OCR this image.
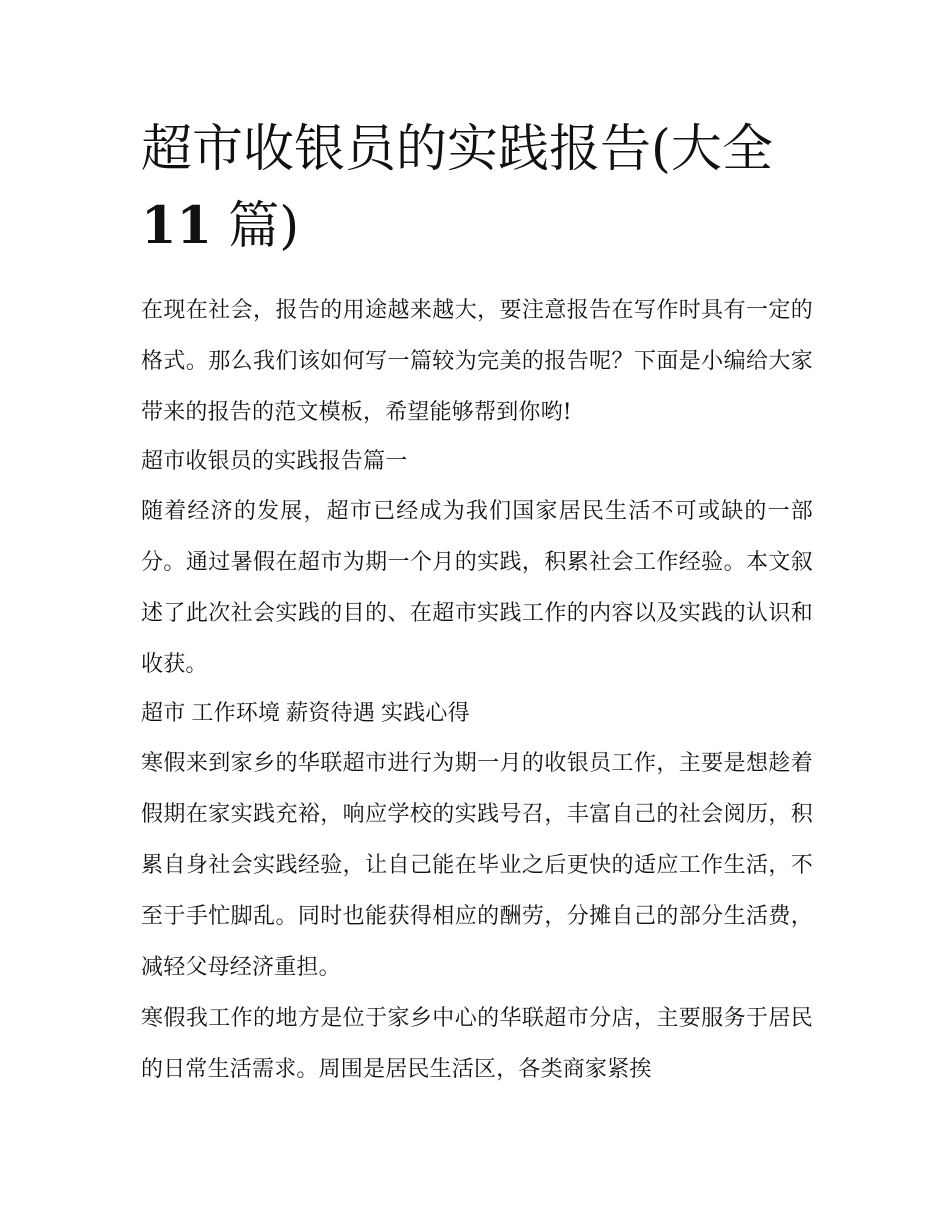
超市收银员的实践报告(大全
11 篇)

在现在社会，报告的用途越来越大，要注意报告在写作时具有一定的格式。那么我们该如何写一篇较为完美的报告呢？下面是小编给大家带来的报告的范文模板，希望能够帮到你哟!

超市收银员的实践报告篇一

随着经济的发展，超市已经成为我们国家居民生活不可或缺的一部分。通过暑假在超市为期一个月的实践，积累社会工作经验。本文叙述了此次社会实践的目的、在超市实践工作的内容以及实践的认识和收获。

超市 工作环境 薪资待遇 实践心得

寒假来到家乡的华联超市进行为期一月的收银员工作，主要是想趁着假期在家实践充裕，响应学校的实践号召，丰富自己的社会阅历，积累自身社会实践经验，让自己能在毕业之后更快的适应工作生活，不至于手忙脚乱。同时也能获得相应的酬劳，分摊自己的部分生活费，减轻父母经济重担。

寒假我工作的地方是位于家乡中心的华联超市分店，主要服务于居民的日常生活需求。周围是居民生活区，各类商家紧挨
